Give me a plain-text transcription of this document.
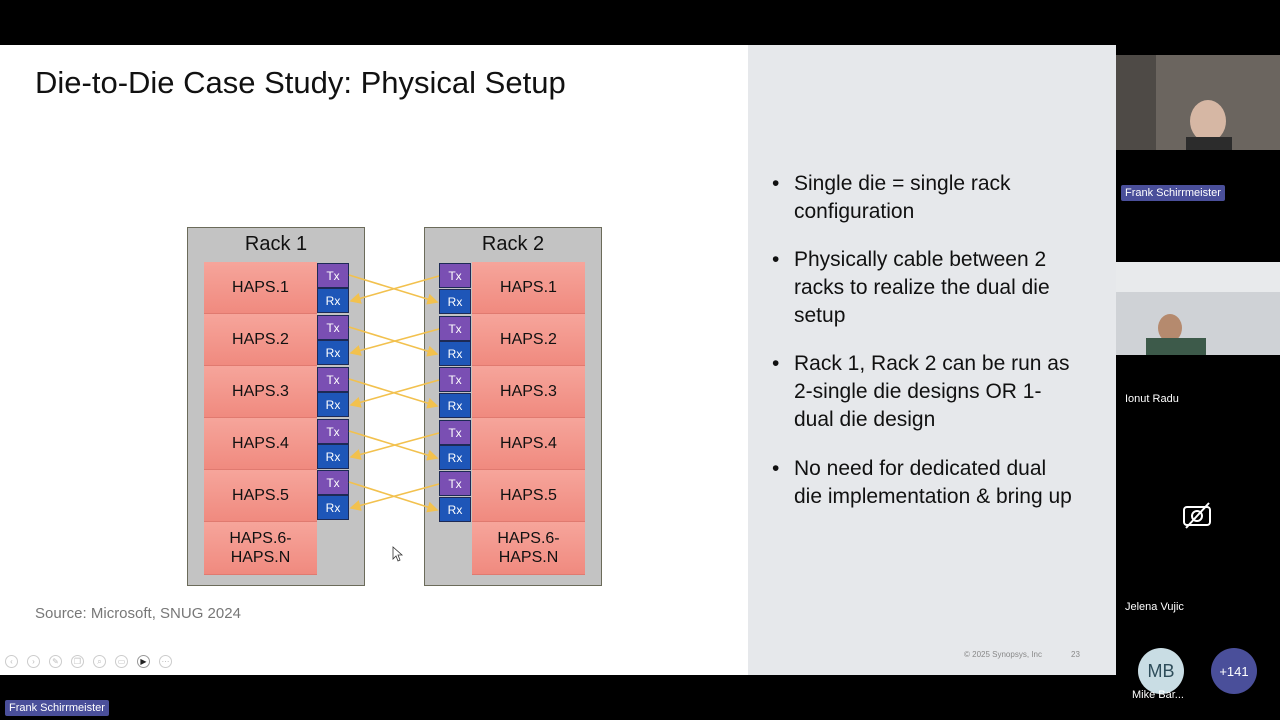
Die-to-Die Case Study: Physical Setup
Rack 1	Rack 2
HAPS.1
HAPS.2
HAPS.3
HAPS.4
HAPS.5
HAPS.6-
HAPS.N
Tx
Rx
Tx
Rx
Tx
Rx
Tx
Rx
Tx
Rx
Tx
Rx
Tx
Rx
Tx
Rx
Tx
Rx
Tx
Rx
HAPS.1
HAPS.2
HAPS.3
HAPS.4
HAPS.5
HAPS.6-
HAPS.N
Source: Microsoft, SNUG 2024
• Single die = single rack configuration
• Physically cable between 2 racks to realize the dual die setup
• Rack 1, Rack 2 can be run as 2-single die designs OR 1-dual die design
• No need for dedicated dual die implementation & bring up
© 2025 Synopsys, Inc	23
‹	›	✎	❐	⌕	▭	▶	⋯
Frank Schirrmeister
Ionut Radu
Jelena Vujic
MB
Mike Bar...
+141
Frank Schirrmeister
